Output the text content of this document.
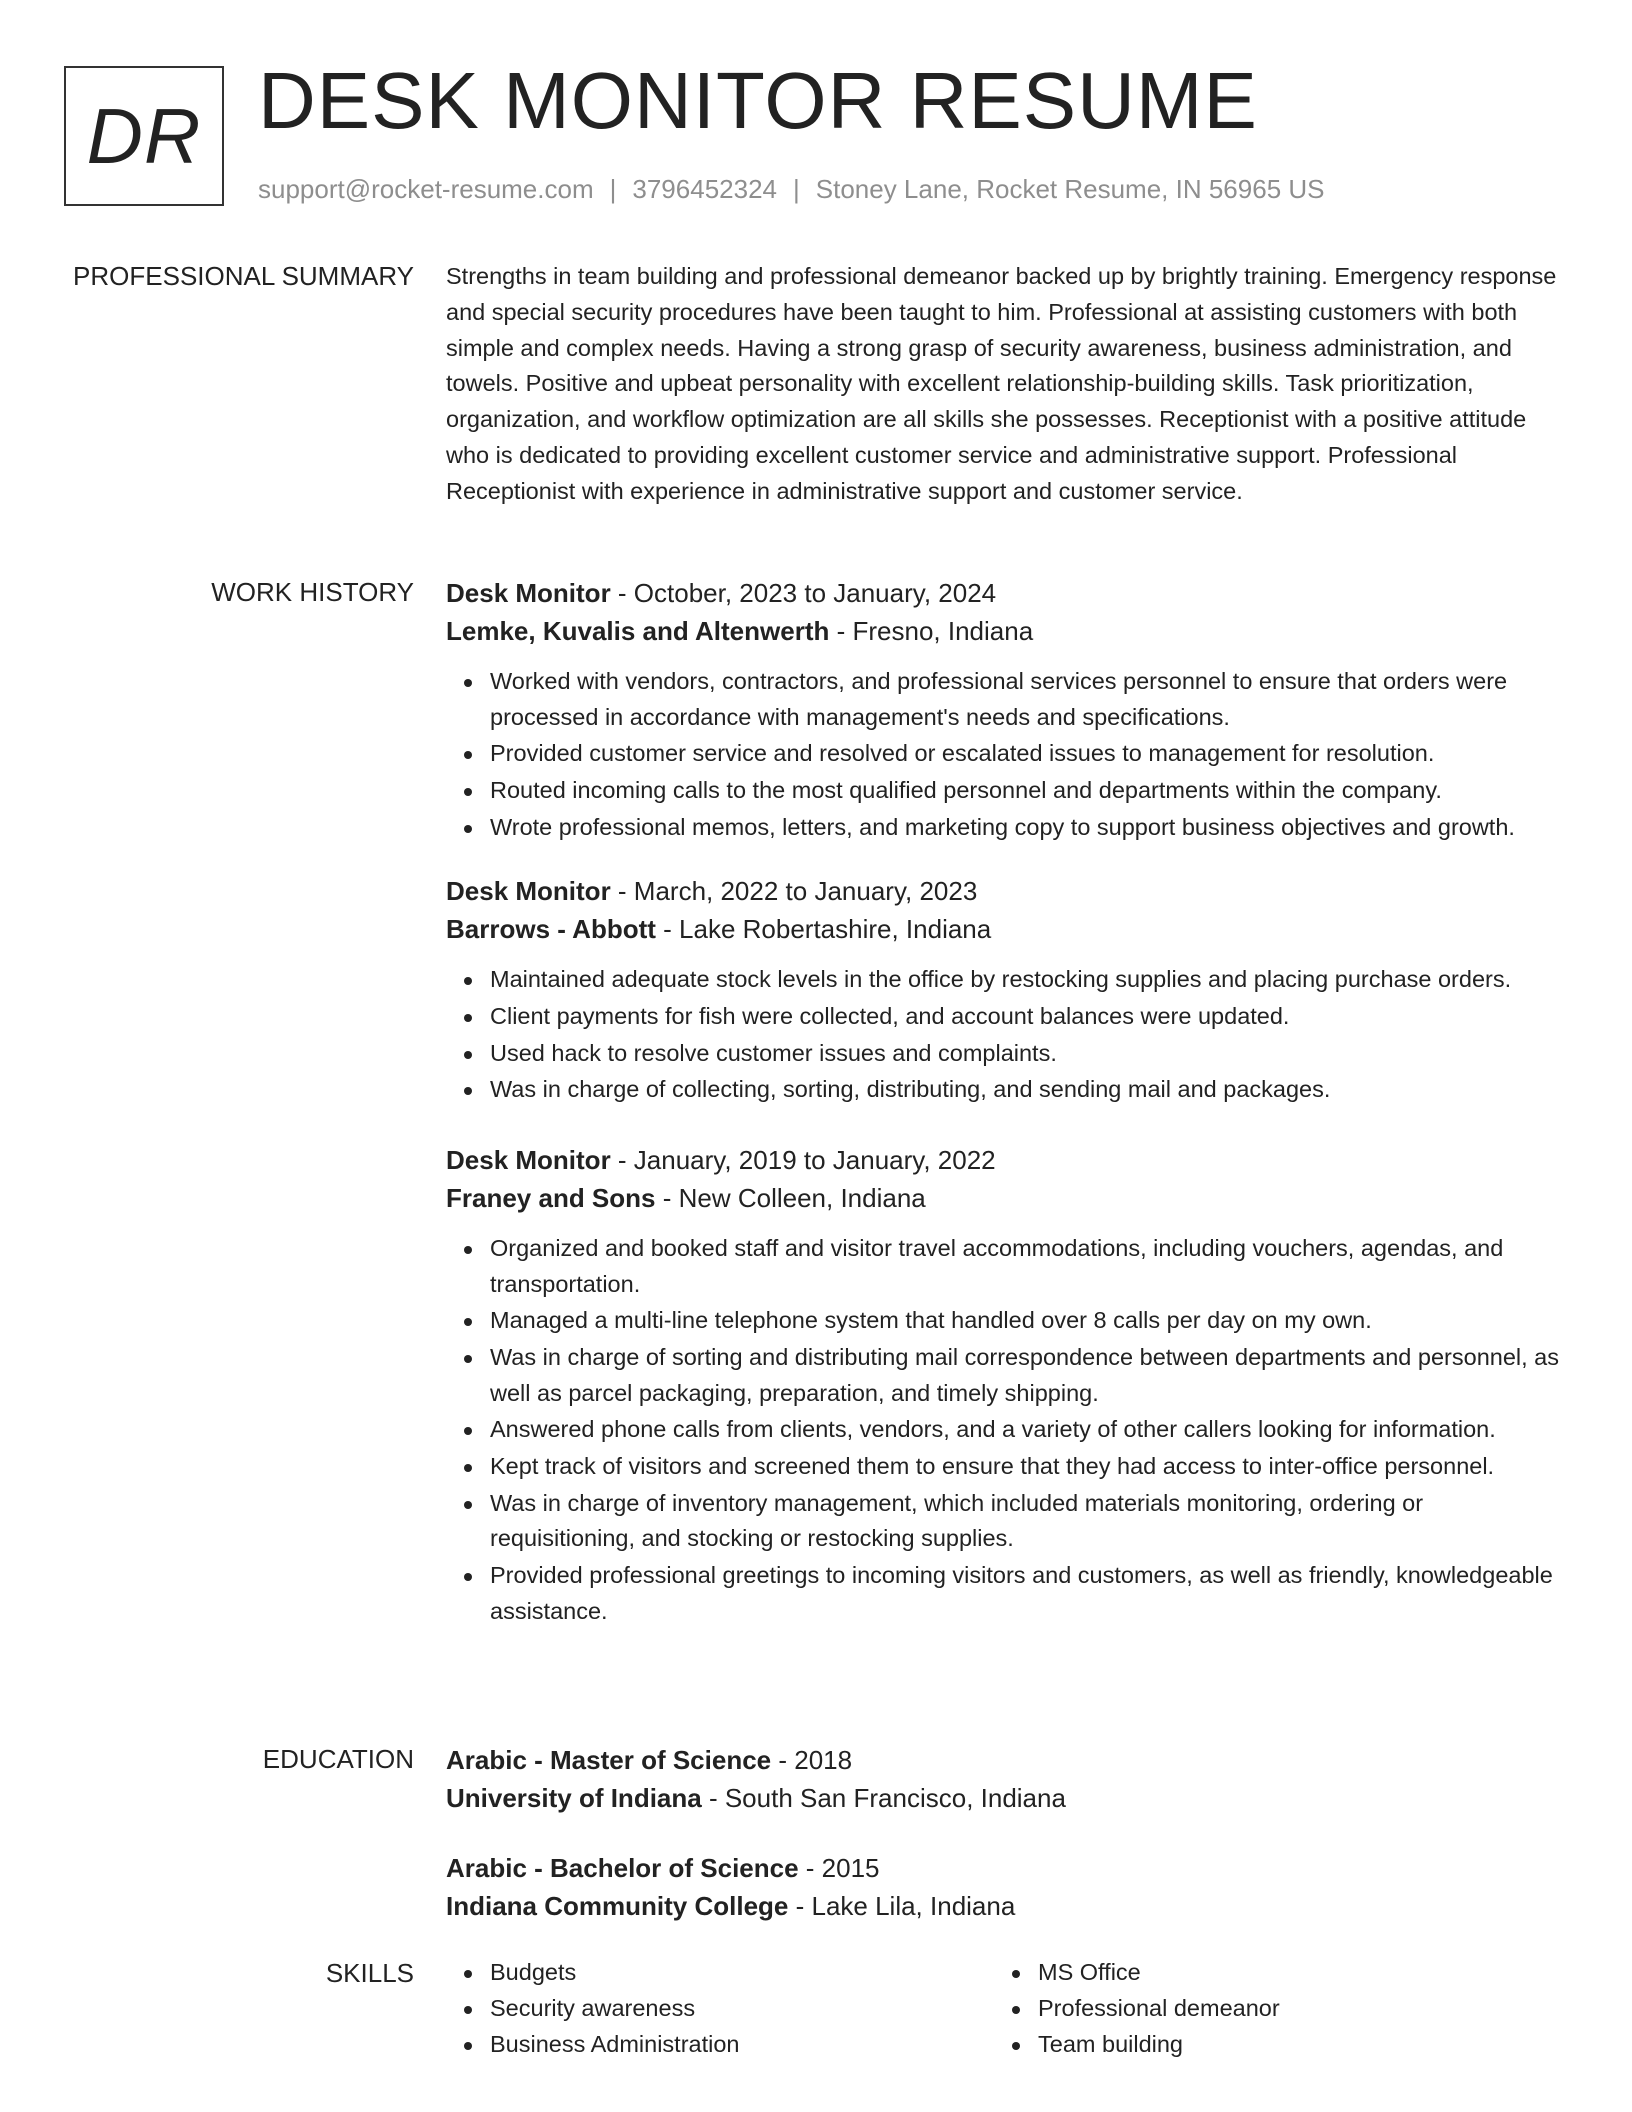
DR DESK MONITOR RESUME
support@rocket-resume.com | 3796452324 | Stoney Lane, Rocket Resume, IN 56965 US
PROFESSIONAL SUMMARY Strengths in team building and professional demeanor backed up by brightly training. Emergency response and special security procedures have been taught to him. Professional at assisting customers with both simple and complex needs. Having a strong grasp of security awareness, business administration, and towels. Positive and upbeat personality with excellent relationship-building skills. Task prioritization, organization, and workflow optimization are all skills she possesses. Receptionist with a positive attitude who is dedicated to providing excellent customer service and administrative support. Professional Receptionist with experience in administrative support and customer service.

WORK HISTORY Desk Monitor - October, 2023 to January, 2024
Lemke, Kuvalis and Altenwerth - Fresno, Indiana
Worked with vendors, contractors, and professional services personnel to ensure that orders were processed in accordance with management's needs and specifications.
Provided customer service and resolved or escalated issues to management for resolution.
Routed incoming calls to the most qualified personnel and departments within the company.
Wrote professional memos, letters, and marketing copy to support business objectives and growth.
Desk Monitor - March, 2022 to January, 2023
Barrows - Abbott - Lake Robertashire, Indiana
Maintained adequate stock levels in the office by restocking supplies and placing purchase orders.
Client payments for fish were collected, and account balances were updated.
Used hack to resolve customer issues and complaints.
Was in charge of collecting, sorting, distributing, and sending mail and packages.
Desk Monitor - January, 2019 to January, 2022
Franey and Sons - New Colleen, Indiana
Organized and booked staff and visitor travel accommodations, including vouchers, agendas, and transportation.
Managed a multi-line telephone system that handled over 8 calls per day on my own.
Was in charge of sorting and distributing mail correspondence between departments and personnel, as well as parcel packaging, preparation, and timely shipping.
Answered phone calls from clients, vendors, and a variety of other callers looking for information.
Kept track of visitors and screened them to ensure that they had access to inter-office personnel.
Was in charge of inventory management, which included materials monitoring, ordering or requisitioning, and stocking or restocking supplies.
Provided professional greetings to incoming visitors and customers, as well as friendly, knowledgeable assistance.
EDUCATION Arabic - Master of Science - 2018
University of Indiana - South San Francisco, Indiana
Arabic - Bachelor of Science - 2015
Indiana Community College - Lake Lila, Indiana
SKILLS	Budgets
Security awareness
Business Administration
MS Office
Professional demeanor
Team building
